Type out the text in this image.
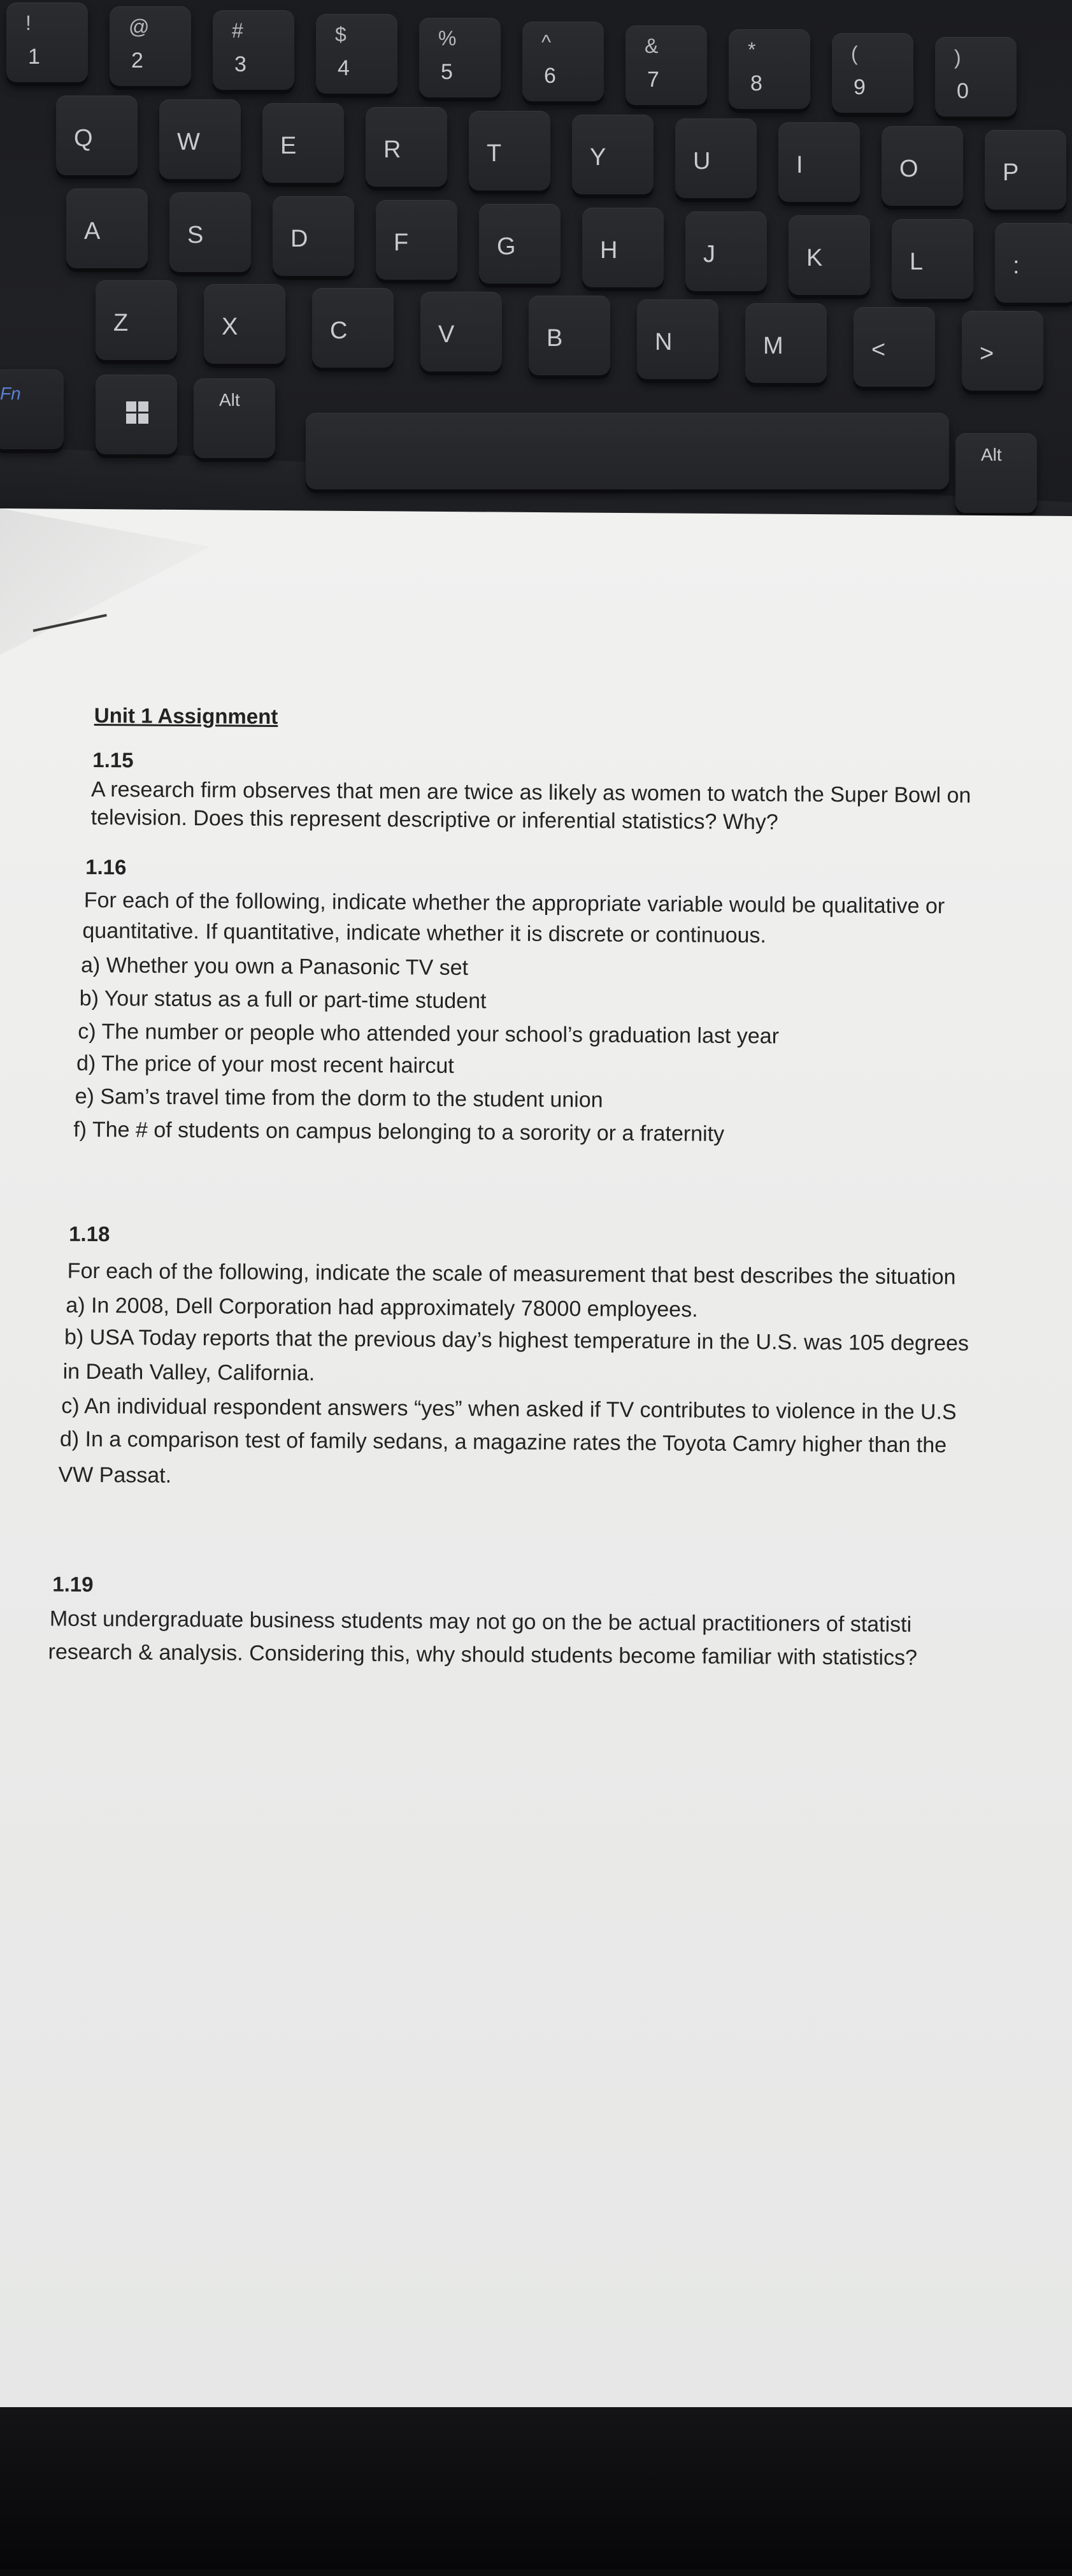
!
1
@
2
#
3
$
4
%
5
^
6
&
7
*
8
(
9
)
0
Q	W	E	R	T	Y	U	I	O	P
A	S	D	F	G	H	J	K	L	:
Z	X	C	V	B	N	M	<	>
Fn	Alt
Alt
Unit 1 Assignment
1.15
A research firm observes that men are twice as likely as women to watch the Super Bowl on
television. Does this represent descriptive or inferential statistics? Why?
1.16
For each of the following, indicate whether the appropriate variable would be qualitative or
quantitative. If quantitative, indicate whether it is discrete or continuous.
a) Whether you own a Panasonic TV set
b) Your status as a full or part-time student
c) The number or people who attended your school’s graduation last year
d) The price of your most recent haircut
e) Sam’s travel time from the dorm to the student union
f) The # of students on campus belonging to a sorority or a fraternity
1.18
For each of the following, indicate the scale of measurement that best describes the situation
a) In 2008, Dell Corporation had approximately 78000 employees.
b) USA Today reports that the previous day’s highest temperature in the U.S. was 105 degrees
in Death Valley, California.
c) An individual respondent answers “yes” when asked if TV contributes to violence in the U.S
d) In a comparison test of family sedans, a magazine rates the Toyota Camry higher than the
VW Passat.
1.19
Most undergraduate business students may not go on the be actual practitioners of statisti
research & analysis. Considering this, why should students become familiar with statistics?
